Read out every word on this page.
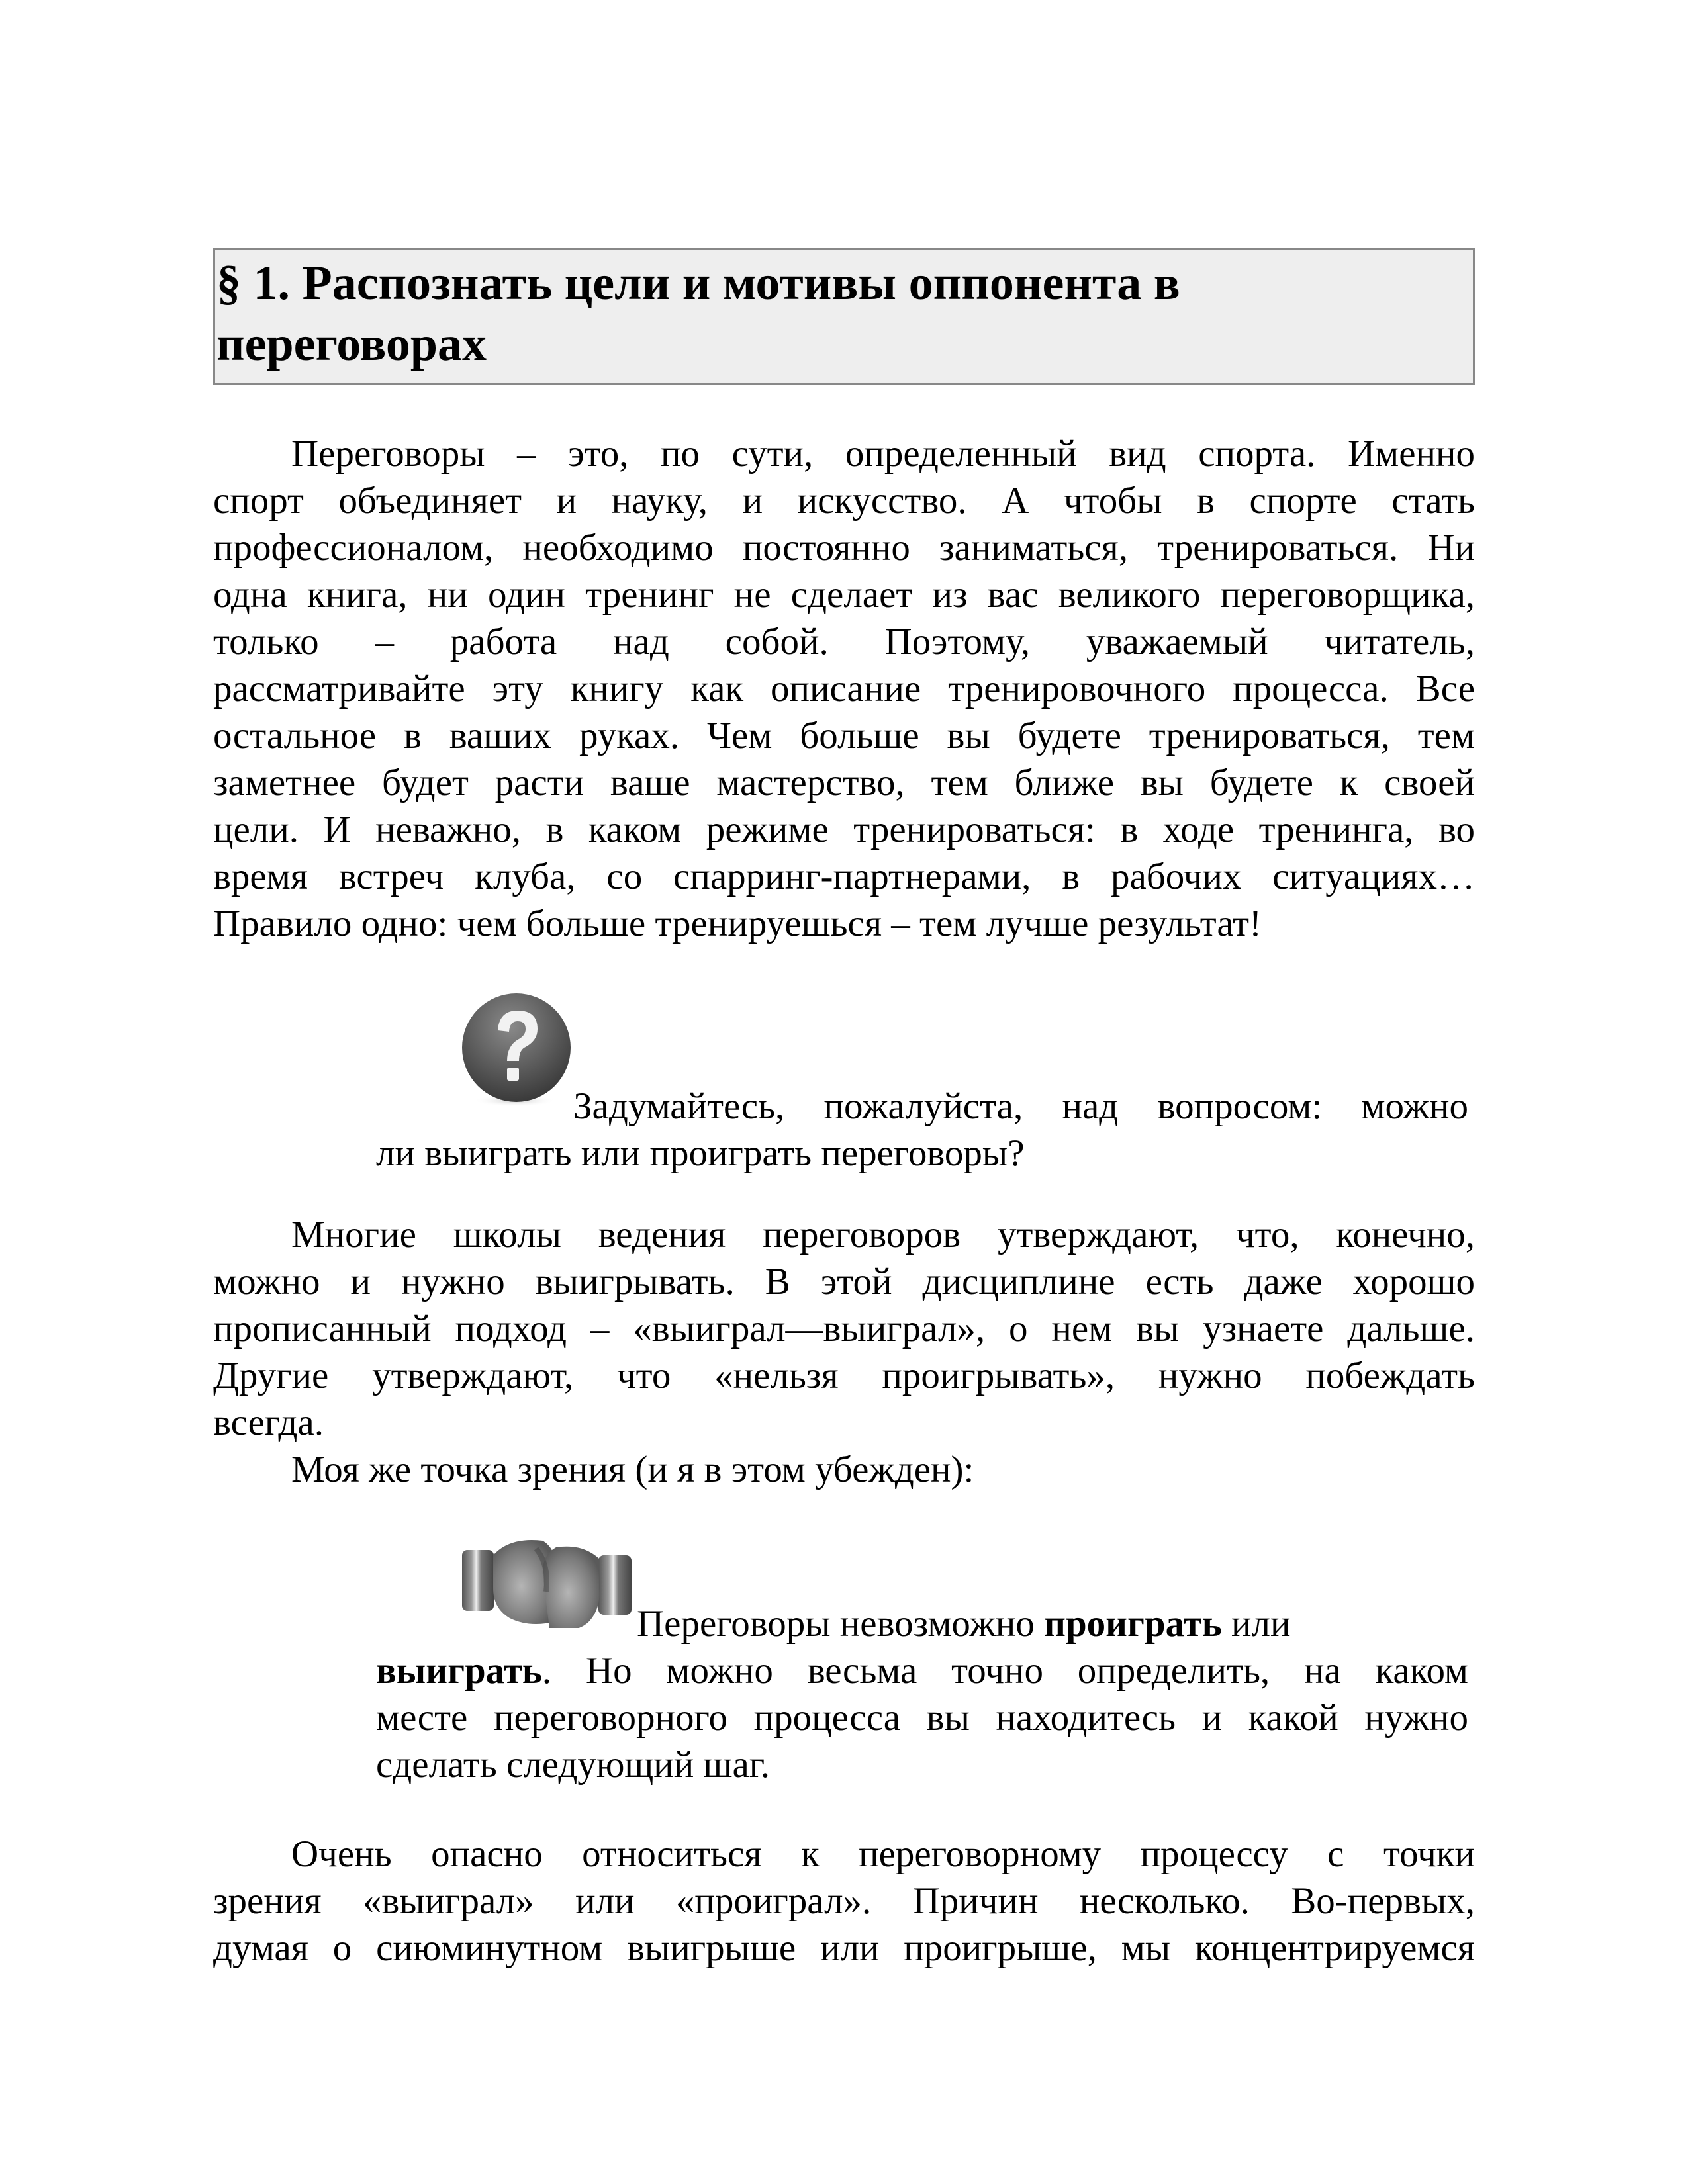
§ 1. Распознать цели и мотивы оппонента в
переговорах
Переговоры – это, по сути, определенный вид спорта. Именно
спорт объединяет и науку, и искусство. А чтобы в спорте стать
профессионалом, необходимо постоянно заниматься, тренироваться. Ни
одна книга, ни один тренинг не сделает из вас великого переговорщика,
только – работа над собой. Поэтому, уважаемый читатель,
рассматривайте эту книгу как описание тренировочного процесса. Все
остальное в ваших руках. Чем больше вы будете тренироваться, тем
заметнее будет расти ваше мастерство, тем ближе вы будете к своей
цели. И неважно, в каком режиме тренироваться: в ходе тренинга, во
время встреч клуба, со спарринг-партнерами, в рабочих ситуациях…
Правило одно: чем больше тренируешься – тем лучше результат!
Задумайтесь, пожалуйста, над вопросом: можно
ли выиграть или проиграть переговоры?
Многие школы ведения переговоров утверждают, что, конечно,
можно и нужно выигрывать. В этой дисциплине есть даже хорошо
прописанный подход – «выиграл—выиграл», о нем вы узнаете дальше.
Другие утверждают, что «нельзя проигрывать», нужно побеждать
всегда.
Моя же точка зрения (и я в этом убежден):
Переговоры невозможно проиграть или
выиграть. Но можно весьма точно определить, на каком
месте переговорного процесса вы находитесь и какой нужно
сделать следующий шаг.
Очень опасно относиться к переговорному процессу с точки
зрения «выиграл» или «проиграл». Причин несколько. Во-первых,
думая о сиюминутном выигрыше или проигрыше, мы концентрируемся
